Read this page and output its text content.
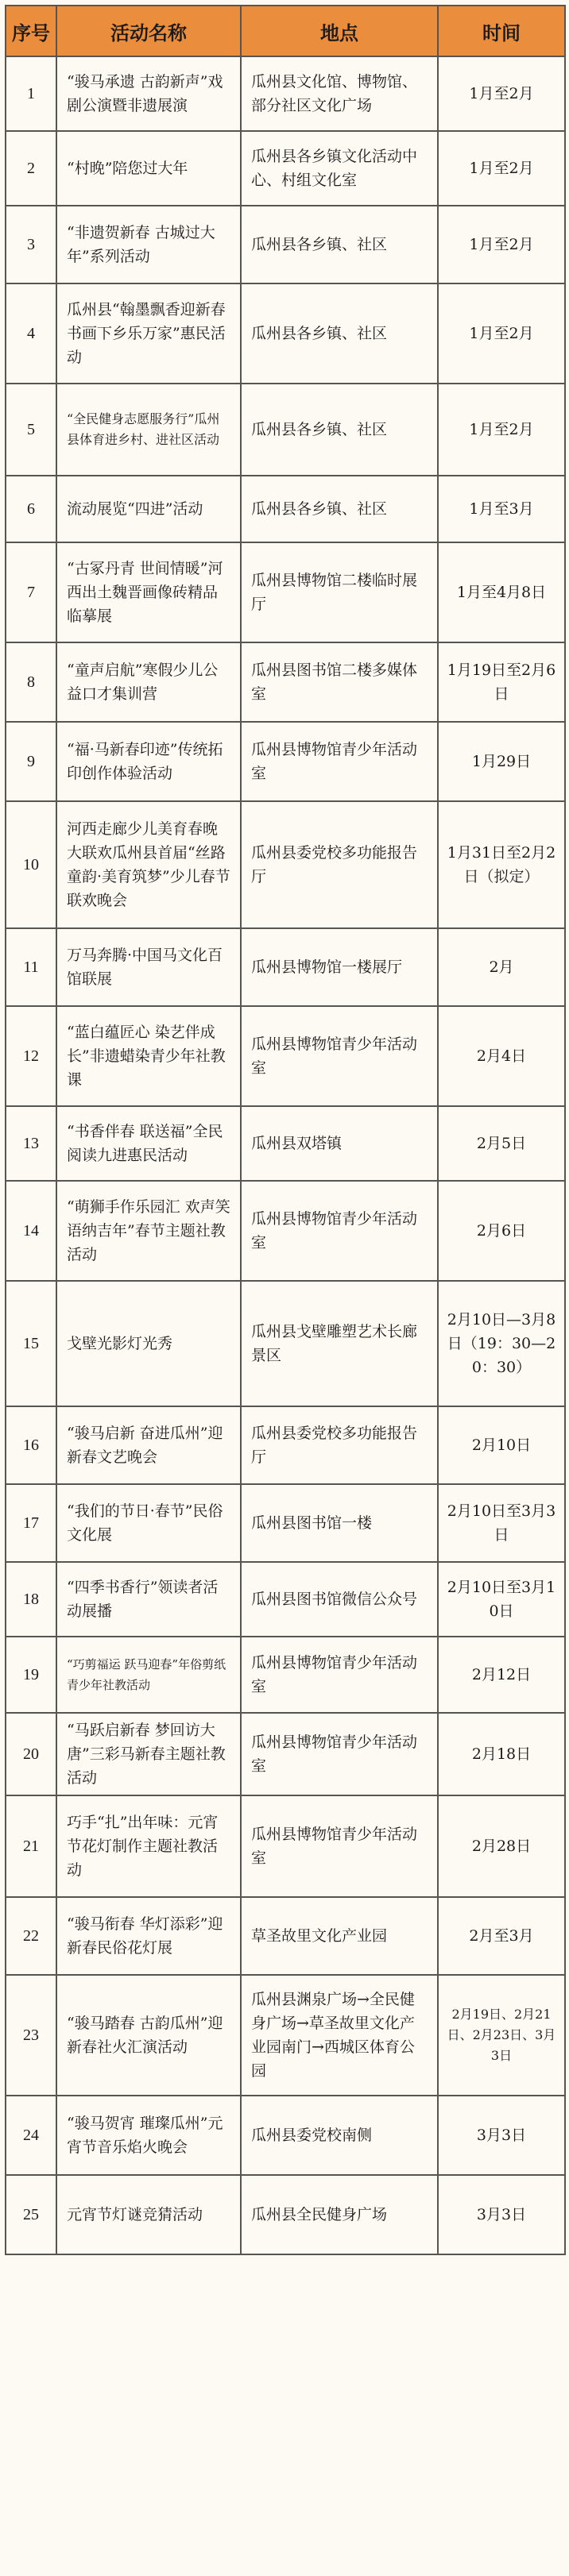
序号	活动名称	地点	时间
1	“骏马承遗 古韵新声”戏剧公演暨非遗展演	瓜州县文化馆、博物馆、部分社区文化广场	1月至2月
2	“村晚”陪您过大年	瓜州县各乡镇文化活动中心、村组文化室	1月至2月
3	“非遗贺新春 古城过大年”系列活动	瓜州县各乡镇、社区	1月至2月
4	瓜州县“翰墨飘香迎新春 书画下乡乐万家”惠民活动	瓜州县各乡镇、社区	1月至2月
5	“全民健身志愿服务行”瓜州县体育进乡村、进社区活动	瓜州县各乡镇、社区	1月至2月
6	流动展览“四进”活动	瓜州县各乡镇、社区	1月至3月
7	“古冢丹青 世间情暖”河西出土魏晋画像砖精品临摹展	瓜州县博物馆二楼临时展厅	1月至4月8日
8	“童声启航”寒假少儿公益口才集训营	瓜州县图书馆二楼多媒体室	1月19日至2月6日
9	“福·马新春印迹”传统拓印创作体验活动	瓜州县博物馆青少年活动室	1月29日
10	河西走廊少儿美育春晚大联欢瓜州县首届“丝路童韵·美育筑梦”少儿春节联欢晚会	瓜州县委党校多功能报告厅	1月31日至2月2日（拟定）
11	万马奔腾·中国马文化百馆联展	瓜州县博物馆一楼展厅	2月
12	“蓝白蕴匠心 染艺伴成长”非遗蜡染青少年社教课	瓜州县博物馆青少年活动室	2月4日
13	“书香伴春 联送福”全民阅读九进惠民活动	瓜州县双塔镇	2月5日
14	“萌狮手作乐园汇 欢声笑语纳吉年”春节主题社教活动	瓜州县博物馆青少年活动室	2月6日
15	戈壁光影灯光秀	瓜州县戈壁雕塑艺术长廊景区	2月10日—3月8日（19：30—20：30）
16	“骏马启新 奋进瓜州”迎新春文艺晚会	瓜州县委党校多功能报告厅	2月10日
17	“我们的节日·春节”民俗文化展	瓜州县图书馆一楼	2月10日至3月3日
18	“四季书香行”领读者活动展播	瓜州县图书馆微信公众号	2月10日至3月10日
19	“巧剪福运 跃马迎春”年俗剪纸青少年社教活动	瓜州县博物馆青少年活动室	2月12日
20	“马跃启新春 梦回访大唐”三彩马新春主题社教活动	瓜州县博物馆青少年活动室	2月18日
21	巧手“扎”出年味：元宵节花灯制作主题社教活动	瓜州县博物馆青少年活动室	2月28日
22	“骏马衔春 华灯添彩”迎新春民俗花灯展	草圣故里文化产业园	2月至3月
23	“骏马踏春 古韵瓜州”迎新春社火汇演活动	瓜州县渊泉广场→全民健身广场→草圣故里文化产业园南门→西城区体育公园	2月19日、2月21日、2月23日、3月3日
24	“骏马贺宵 璀璨瓜州”元宵节音乐焰火晚会	瓜州县委党校南侧	3月3日
25	元宵节灯谜竞猜活动	瓜州县全民健身广场	3月3日
